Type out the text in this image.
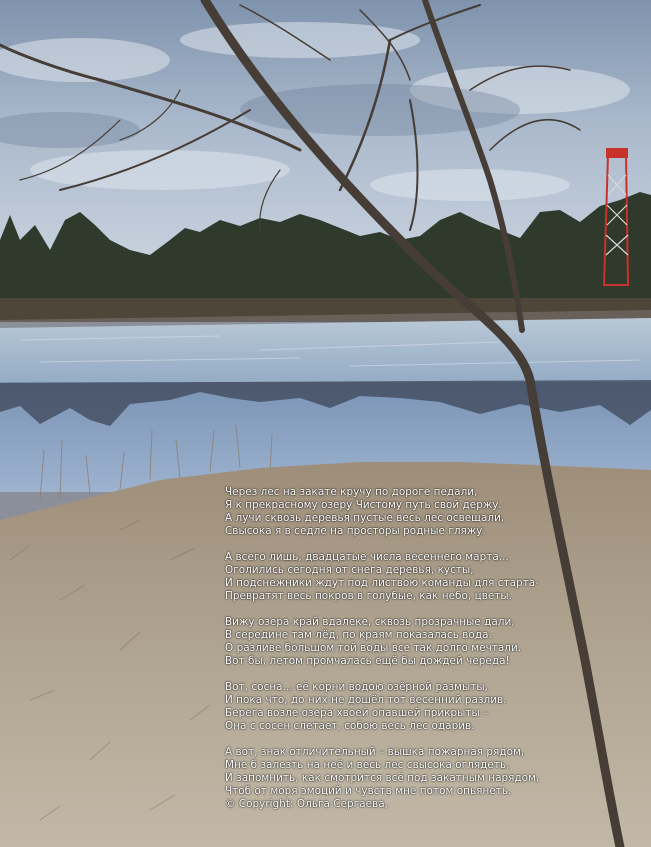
Через лес на закате кручу по дороге педали,
Я к прекрасному озеру Чистому путь свой держу.
А лучи сквозь деревья пустые весь лес освещали,
Свысока я в седле на просторы родные гляжу.
А всего лишь, двадцатые числа весеннего марта...
Оголились сегодня от снега деревья, кусты,
И подснежники ждут под листвою команды для старта-
Превратят весь покров в голубые, как небо, цветы.
Вижу озера край вдалеке, сквозь прозрачные дали,
В середине там лёд, по краям показалась вода.
О разливе большом той воды все так долго мечтали.
Вот бы, летом промчалась ещё бы дождей череда!
Вот, сосна... её корни водою озёрной размыты,
И пока что, до них не дошёл тот весенний разлив.
Берега возле озера хвоей опавшей прикрыты –
Она с сосен слетает, собою весь лес одарив.
А вот, знак отличительный – вышка пожарная рядом,
Мне б залезть на неё и весь лес свысока оглядеть,
И запомнить, как смотрится всё под закатным нарядом,
Чтоб от моря эмоций и чувств мне потом опьянеть.
© Copyright: Ольга Сергаева,
